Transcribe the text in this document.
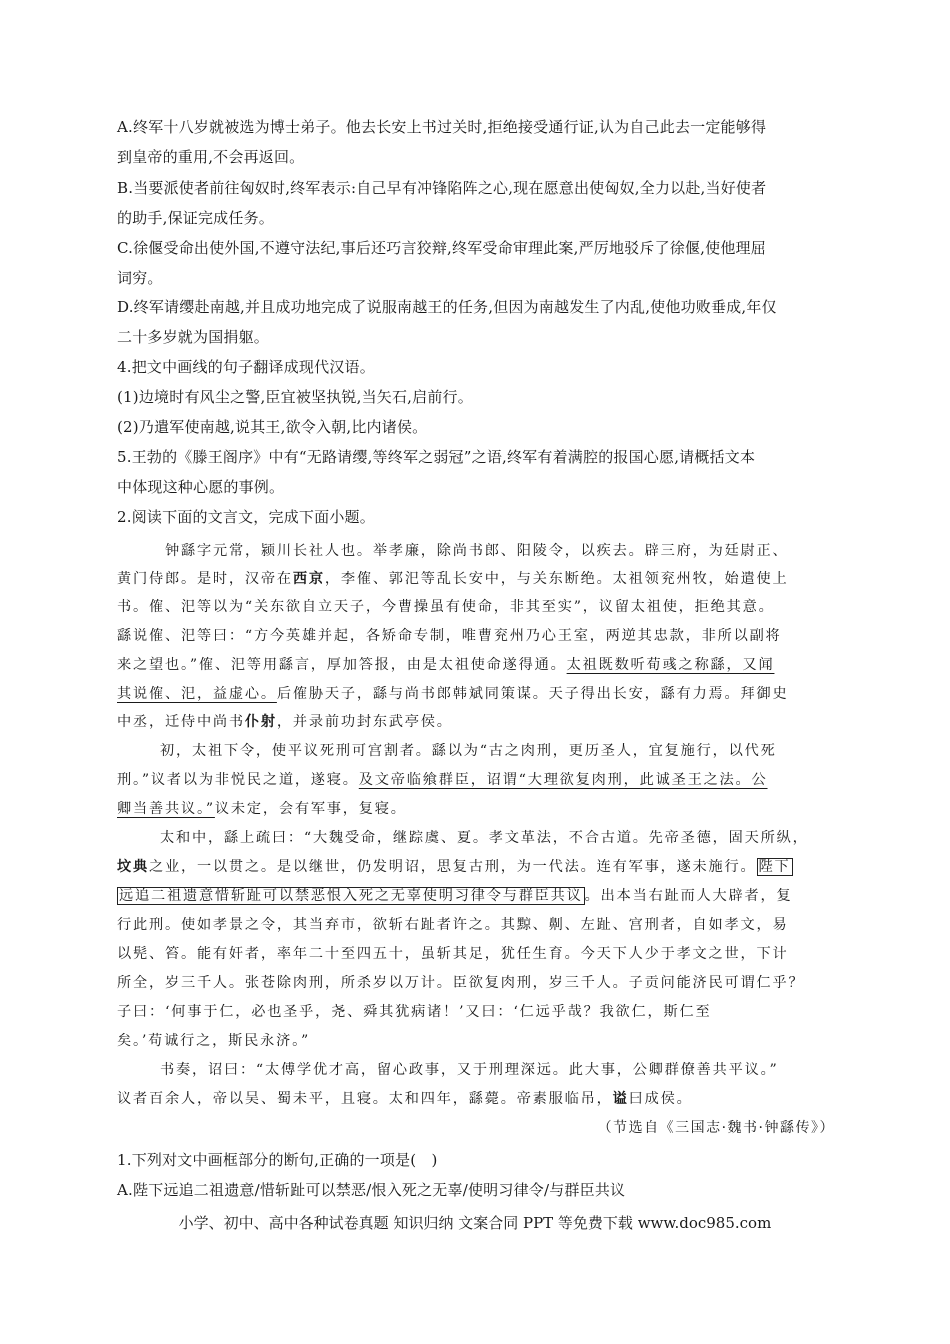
A.终军十八岁就被选为博士弟子。他去长安上书过关时,拒绝接受通行证,认为自己此去一定能够得
到皇帝的重用,不会再返回。
B.当要派使者前往匈奴时,终军表示:自己早有冲锋陷阵之心,现在愿意出使匈奴,全力以赴,当好使者
的助手,保证完成任务。
C.徐偃受命出使外国,不遵守法纪,事后还巧言狡辩,终军受命审理此案,严厉地驳斥了徐偃,使他理屈
词穷。
D.终军请缨赴南越,并且成功地完成了说服南越王的任务,但因为南越发生了内乱,使他功败垂成,年仅
二十多岁就为国捐躯。
4.把文中画线的句子翻译成现代汉语。
(1)边境时有风尘之警,臣宜被坚执锐,当矢石,启前行。
(2)乃遣军使南越,说其王,欲令入朝,比内诸侯。
5.王勃的《滕王阁序》中有“无路请缨,等终军之弱冠”之语,终军有着满腔的报国心愿,请概括文本
中体现这种心愿的事例。
2.阅读下面的文言文，完成下面小题。
钟繇字元常，颍川长社人也。举孝廉，除尚书郎、阳陵令，以疾去。辟三府，为廷尉正、
黄门侍郎。是时，汉帝在西京，李傕、郭汜等乱长安中，与关东断绝。太祖领兖州牧，始遣使上
书。傕、汜等以为“关东欲自立天子，今曹操虽有使命，非其至实”，议留太祖使，拒绝其意。
繇说傕、汜等曰：“方今英雄并起，各矫命专制，唯曹兖州乃心王室，两逆其忠款，非所以副将
来之望也。”傕、汜等用繇言，厚加答报，由是太祖使命遂得通。太祖既数听荀彧之称繇，又闻
其说傕、汜，益虚心。后傕胁天子，繇与尚书郎韩斌同策谋。天子得出长安，繇有力焉。拜御史
中丞，迁侍中尚书仆射，并录前功封东武亭侯。
初，太祖下令，使平议死刑可宫割者。繇以为“古之肉刑，更历圣人，宜复施行，以代死
刑。”议者以为非悦民之道，遂寝。及文帝临飨群臣，诏谓“大理欲复肉刑，此诚圣王之法。公
卿当善共议。”议未定，会有军事，复寝。
太和中，繇上疏曰：“大魏受命，继踪虞、夏。孝文革法，不合古道。先帝圣德，固天所纵，
坟典之业，一以贯之。是以继世，仍发明诏，思复古刑，为一代法。连有军事，遂未施行。 陛下
远追二祖遗意惜斩趾可以禁恶恨入死之无辜使明习律令与群臣共议 。出本当右趾而人大辟者，复
行此刑。使如孝景之令，其当弃市，欲斩右趾者许之。其黥、劓、左趾、宫刑者，自如孝文，易
以髡、笞。能有奸者，率年二十至四五十，虽斩其足，犹任生育。今天下人少于孝文之世，下计
所全，岁三千人。张苍除肉刑，所杀岁以万计。臣欲复肉刑，岁三千人。子贡问能济民可谓仁乎？
子曰：‘何事于仁，必也圣乎，尧、舜其犹病诸！’又曰：‘仁远乎哉？我欲仁，斯仁至
矣。’苟诚行之，斯民永济。”
书奏，诏曰：“太傅学优才高，留心政事，又于刑理深远。此大事，公卿群僚善共平议。”
议者百余人，帝以吴、蜀未平，且寝。太和四年，繇薨。帝素服临吊，谥曰成侯。
（节选自《三国志·魏书·钟繇传》）
1.下列对文中画框部分的断句,正确的一项是(　)
A.陛下远追二祖遗意/惜斩趾可以禁恶/恨入死之无辜/使明习律令/与群臣共议
小学、初中、高中各种试卷真题 知识归纳 文案合同 PPT 等免费下载 www.doc985.com
